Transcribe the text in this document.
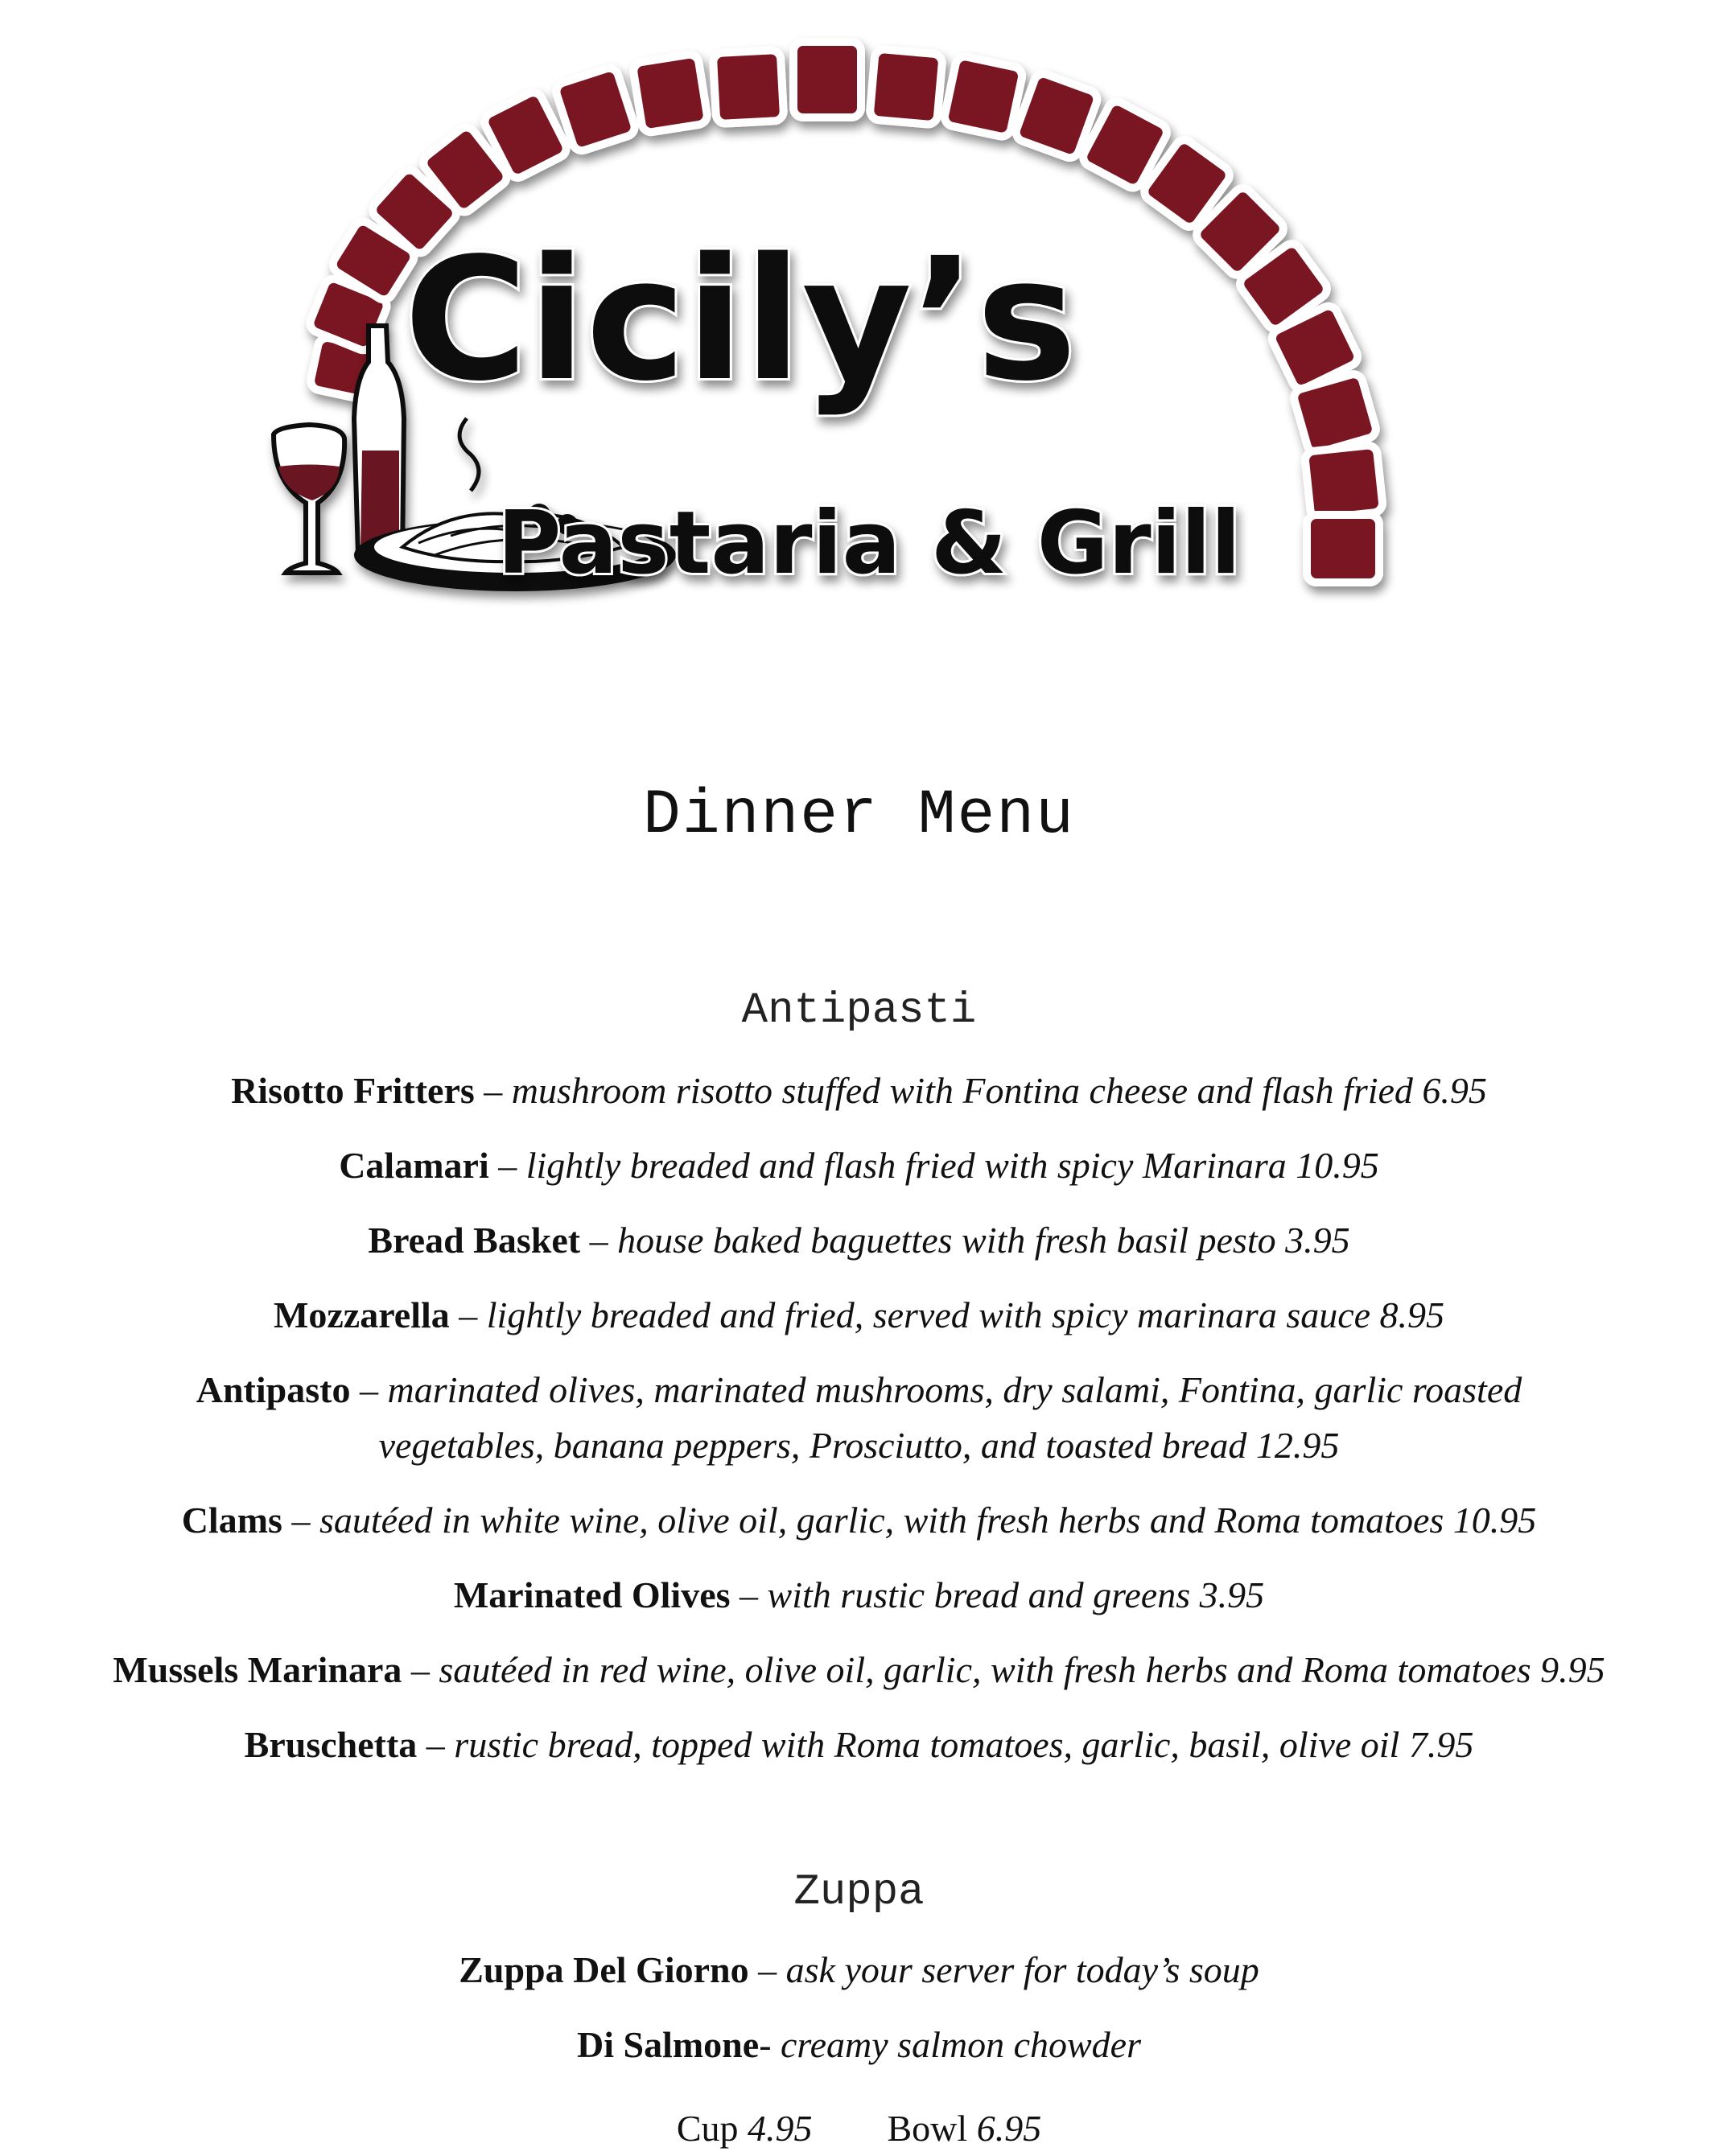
Cicily’s
Pastaria & Grill
Dinner Menu
Antipasti
Risotto Fritters – mushroom risotto stuffed with Fontina cheese and flash fried 6.95
Calamari – lightly breaded and flash fried with spicy Marinara 10.95
Bread Basket – house baked baguettes with fresh basil pesto 3.95
Mozzarella – lightly breaded and fried, served with spicy marinara sauce 8.95
Antipasto – marinated olives, marinated mushrooms, dry salami, Fontina, garlic roasted vegetables, banana peppers, Prosciutto, and toasted bread 12.95
Clams – sautéed in white wine, olive oil, garlic, with fresh herbs and Roma tomatoes 10.95
Marinated Olives – with rustic bread and greens 3.95
Mussels Marinara – sautéed in red wine, olive oil, garlic, with fresh herbs and Roma tomatoes 9.95
Bruschetta – rustic bread, topped with Roma tomatoes, garlic, basil, olive oil 7.95
Zuppa
Zuppa Del Giorno – ask your server for today’s soup
Di Salmone- creamy salmon chowder
Cup 4.95 Bowl 6.95
